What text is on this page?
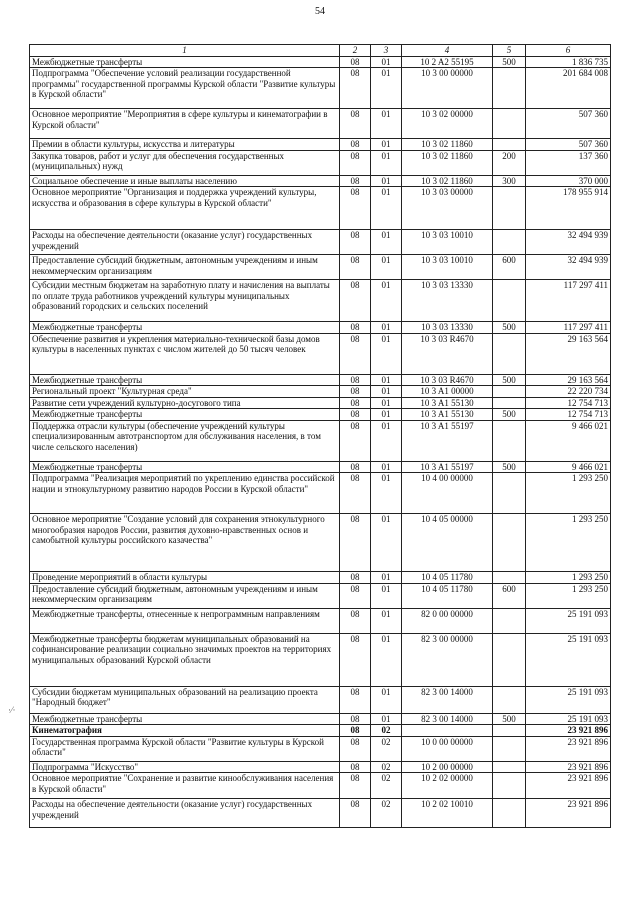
54
1	2	3	4	5	6
Межбюджетные трансферты	08	01	10 2 A2 55195	500	1 836 735
Подпрограмма "Обеспечение условий реализации государственной программы" государственной программы Курской области "Развитие культуры в Курской области"	08	01	10 3 00 00000		201 684 008
Основное мероприятие "Мероприятия в сфере культуры и кинематографии в Курской области"	08	01	10 3 02 00000		507 360
Премии в области культуры, искусства и литературы	08	01	10 3 02 11860		507 360
Закупка товаров, работ и услуг для обеспечения государственных (муниципальных) нужд	08	01	10 3 02 11860	200	137 360
Социальное обеспечение и иные выплаты населению	08	01	10 3 02 11860	300	370 000
Основное мероприятие "Организация и поддержка учреждений культуры, искусства и образования в сфере культуры в Курской области"	08	01	10 3 03 00000		178 955 914
Расходы на обеспечение деятельности (оказание услуг) государственных учреждений	08	01	10 3 03 10010		32 494 939
Предоставление субсидий бюджетным, автономным учреждениям и иным некоммерческим организациям	08	01	10 3 03 10010	600	32 494 939
Субсидии местным бюджетам на заработную плату и начисления на выплаты по оплате труда работников учреждений культуры муниципальных образований городских и сельских поселений	08	01	10 3 03 13330		117 297 411
Межбюджетные трансферты	08	01	10 3 03 13330	500	117 297 411
Обеспечение развития и укрепления материально-технической базы домов культуры в населенных пунктах с числом жителей до 50 тысяч человек	08	01	10 3 03 R4670		29 163 564
Межбюджетные трансферты	08	01	10 3 03 R4670	500	29 163 564
Региональный проект "Культурная среда"	08	01	10 3 A1 00000		22 220 734
Развитие сети учреждений культурно-досугового типа	08	01	10 3 A1 55130		12 754 713
Межбюджетные трансферты	08	01	10 3 A1 55130	500	12 754 713
Поддержка отрасли культуры (обеспечение учреждений культуры специализированным автотранспортом для обслуживания населения, в том числе сельского населения)	08	01	10 3 A1 55197		9 466 021
Межбюджетные трансферты	08	01	10 3 A1 55197	500	9 466 021
Подпрограмма "Реализация мероприятий по укреплению единства российской нации и этнокультурному развитию народов России в Курской области"	08	01	10 4 00 00000		1 293 250
Основное мероприятие "Создание условий для сохранения этнокультурного многообразия народов России, развития духовно-нравственных основ и самобытной культуры российского казачества"	08	01	10 4 05 00000		1 293 250
Проведение мероприятий в области культуры	08	01	10 4 05 11780		1 293 250
Предоставление субсидий бюджетным, автономным учреждениям и иным некоммерческим организациям	08	01	10 4 05 11780	600	1 293 250
Межбюджетные трансферты, отнесенные к непрограммным направлениям	08	01	82 0 00 00000		25 191 093
Межбюджетные трансферты бюджетам муниципальных образований на софинансирование реализации социально значимых проектов на территориях муниципальных образований Курской области	08	01	82 3 00 00000		25 191 093
Субсидии бюджетам муниципальных образований на реализацию проекта "Народный бюджет"	08	01	82 3 00 14000		25 191 093
Межбюджетные трансферты	08	01	82 3 00 14000	500	25 191 093
Кинематография	08	02			23 921 896
Государственная программа Курской области "Развитие культуры в Курской области"	08	02	10 0 00 00000		23 921 896
Подпрограмма "Искусство"	08	02	10 2 00 00000		23 921 896
Основное мероприятие "Сохранение и развитие кинообслуживания населения в Курской области"	08	02	10 2 02 00000		23 921 896
Расходы на обеспечение деятельности (оказание услуг) государственных учреждений	08	02	10 2 02 10010		23 921 896
·⁄·
